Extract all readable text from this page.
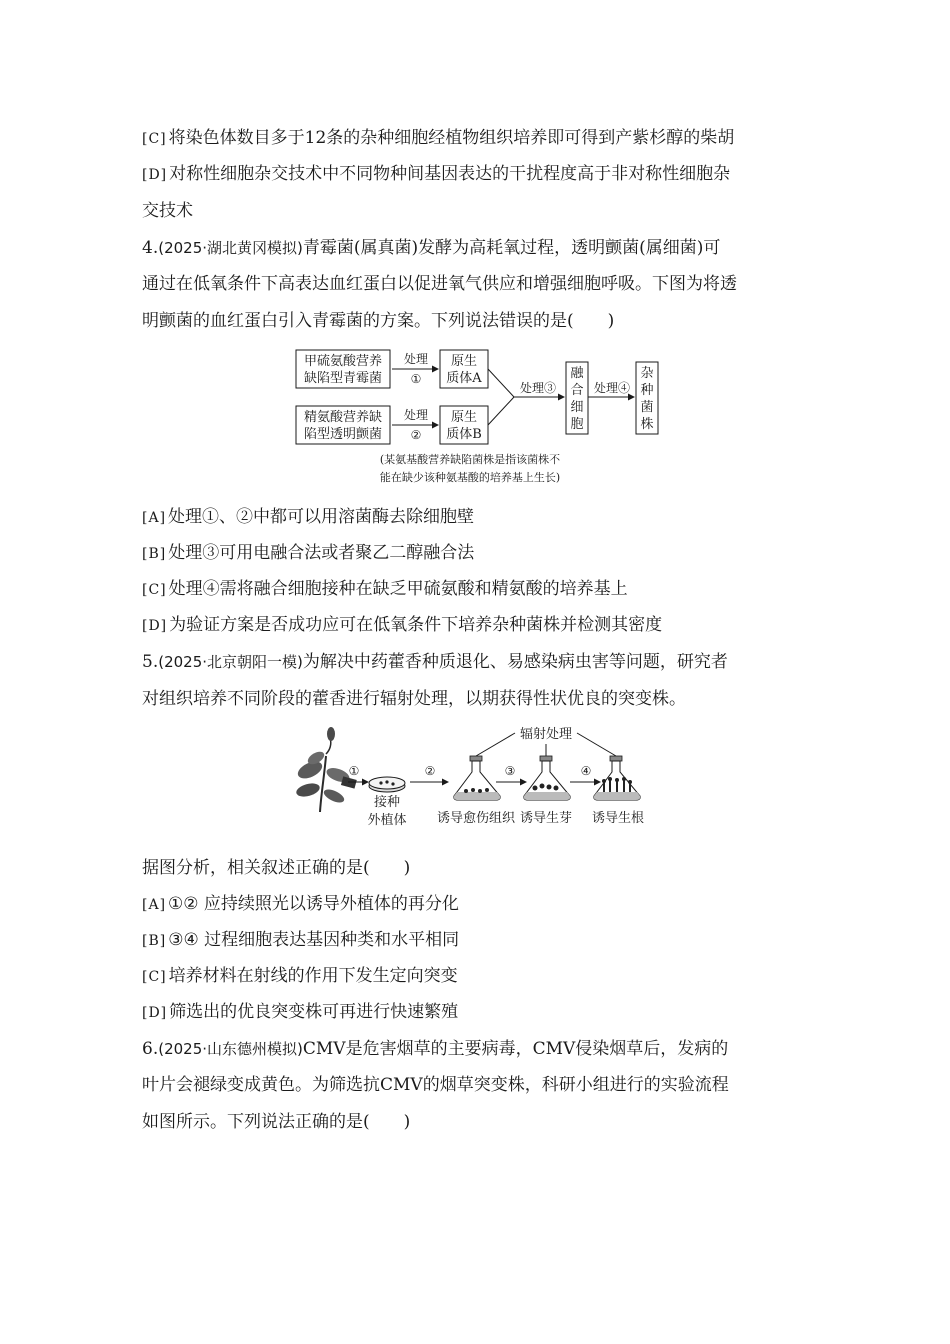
[C] 将染色体数目多于12条的杂种细胞经植物组织培养即可得到产紫杉醇的柴胡
[D] 对称性细胞杂交技术中不同物种间基因表达的干扰程度高于非对称性细胞杂
交技术
4.(2025·湖北黄冈模拟)青霉菌(属真菌)发酵为高耗氧过程，透明颤菌(属细菌)可
通过在低氧条件下高表达血红蛋白以促进氧气供应和增强细胞呼吸。下图为将透
明颤菌的血红蛋白引入青霉菌的方案。下列说法错误的是(　　)
甲硫氨酸营养
缺陷型青霉菌
精氨酸营养缺
陷型透明颤菌
处理
①
处理
②
原生
质体A
原生
质体B
处理③
融
合
细
胞
处理④
杂
种
菌
株
(某氨基酸营养缺陷菌株是指该菌株不
能在缺少该种氨基酸的培养基上生长)
[A] 处理①、②中都可以用溶菌酶去除细胞壁
[B] 处理③可用电融合法或者聚乙二醇融合法
[C] 处理④需将融合细胞接种在缺乏甲硫氨酸和精氨酸的培养基上
[D] 为验证方案是否成功应可在低氧条件下培养杂种菌株并检测其密度
5.(2025·北京朝阳一模)为解决中药藿香种质退化、易感染病虫害等问题，研究者
对组织培养不同阶段的藿香进行辐射处理，以期获得性状优良的突变株。
辐射处理
①
接种
外植体
②
诱导愈伤组织
③
诱导生芽
④
诱导生根
据图分析，相关叙述正确的是(　　)
[A] ①② 应持续照光以诱导外植体的再分化
[B] ③④ 过程细胞表达基因种类和水平相同
[C] 培养材料在射线的作用下发生定向突变
[D] 筛选出的优良突变株可再进行快速繁殖
6.(2025·山东德州模拟)CMV是危害烟草的主要病毒，CMV侵染烟草后，发病的
叶片会褪绿变成黄色。为筛选抗CMV的烟草突变株，科研小组进行的实验流程
如图所示。下列说法正确的是(　　)
